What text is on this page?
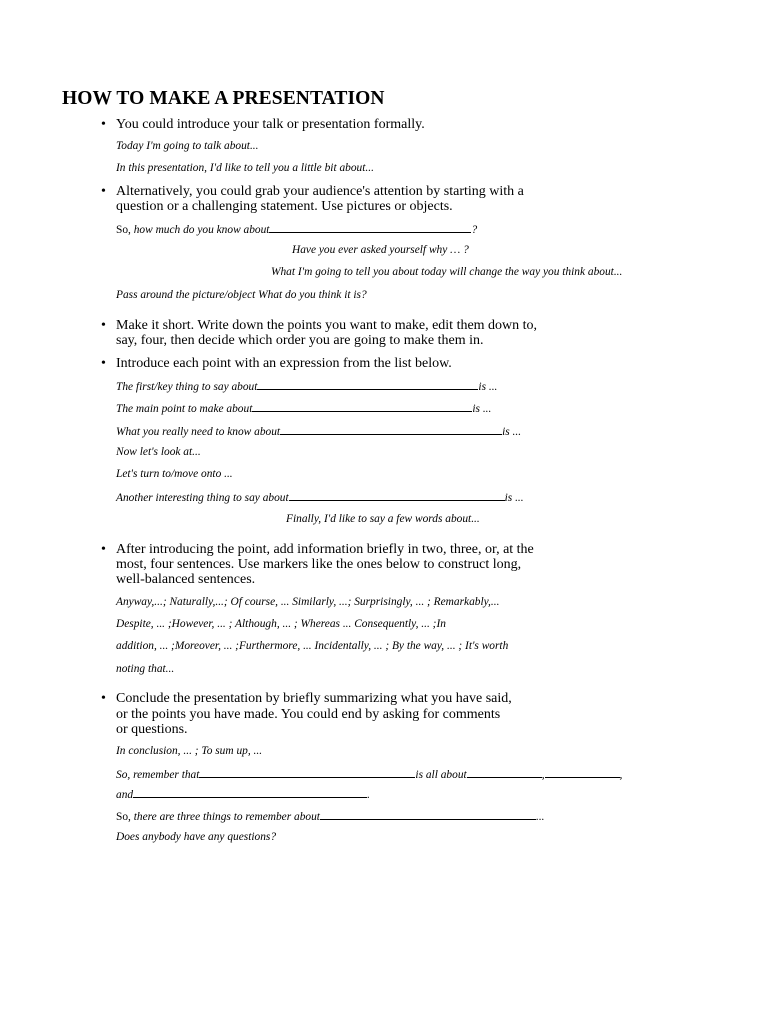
HOW TO MAKE A PRESENTATION
• You could introduce your talk or presentation formally.
Today I'm going to talk about...
In this presentation, I'd like to tell you a little bit about...
• Alternatively, you could grab your audience's attention by starting with a
question or a challenging statement. Use pictures or objects.
So, how much do you know about	?
Have you ever asked yourself why … ?
What I'm going to tell you about today will change the way you think about...
Pass around the picture/object What do you think it is?
• Make it short. Write down the points you want to make, edit them down to,
say, four, then decide which order you are going to make them in.
• Introduce each point with an expression from the list below.
The first/key thing to say about	is ...
The main point to make about	is ...
What you really need to know about	is ...
Now let's look at...
Let's turn to/move onto ...
Another interesting thing to say about	is ...
Finally, I'd like to say a few words about...
• After introducing the point, add information briefly in two, three, or, at the
most, four sentences. Use markers like the ones below to construct long,
well-balanced sentences.
Anyway,...; Naturally,...; Of course, ... Similarly, ...; Surprisingly, ... ; Remarkably,...
Despite, ... ;However, ... ; Although, ... ; Whereas ... Consequently, ... ;In
addition, ... ;Moreover, ... ;Furthermore, ... Incidentally, ... ; By the way, ... ; It's worth
noting that...
• Conclude the presentation by briefly summarizing what you have said,
or the points you have made. You could end by asking for comments
or questions.
In conclusion, ... ; To sum up, ...
So, remember that	is all about	,	,
and	.
So, there are three things to remember about	...
Does anybody have any questions?
